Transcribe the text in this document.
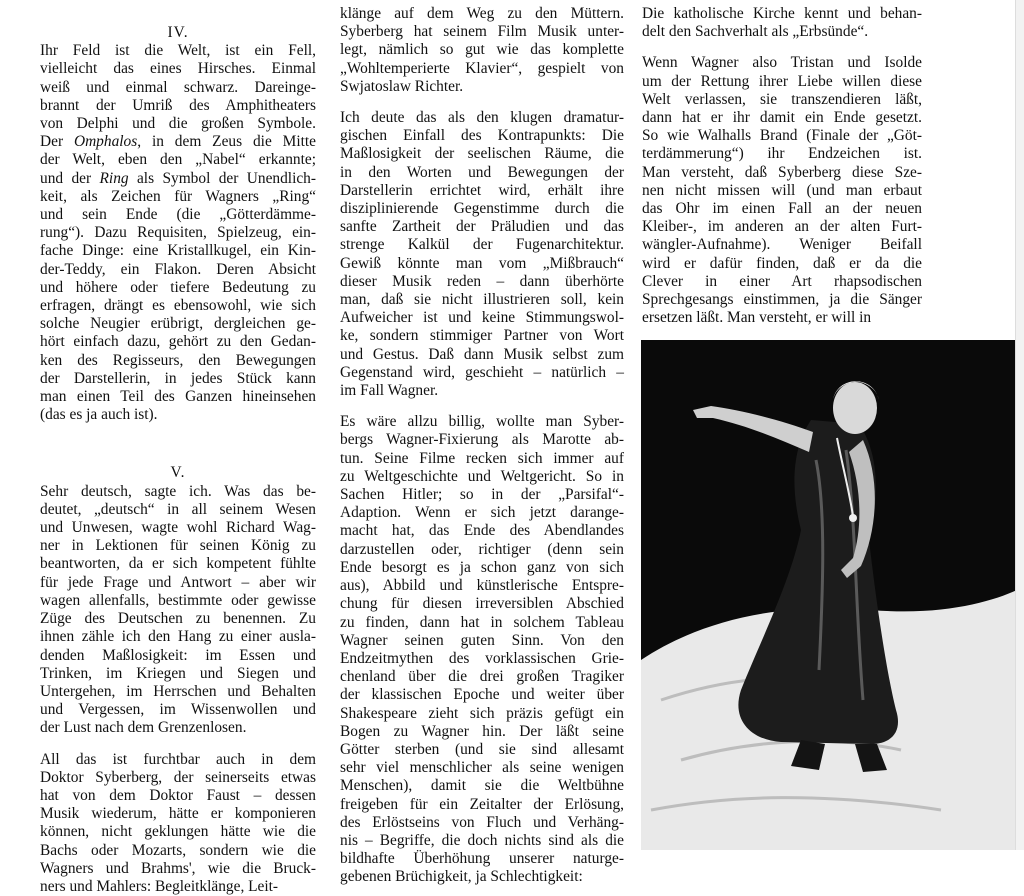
IV.
Ihr Feld ist die Welt, ist ein Fell,
vielleicht das eines Hirsches. Einmal
weiß und einmal schwarz. Dareinge-
brannt der Umriß des Amphitheaters
von Delphi und die großen Symbole.
Der Omphalos, in dem Zeus die Mitte
der Welt, eben den „Nabel“ erkannte;
und der Ring als Symbol der Unendlich-
keit, als Zeichen für Wagners „Ring“
und sein Ende (die „Götterdämme-
rung“). Dazu Requisiten, Spielzeug, ein-
fache Dinge: eine Kristallkugel, ein Kin-
der-Teddy, ein Flakon. Deren Absicht
und höhere oder tiefere Bedeutung zu
erfragen, drängt es ebensowohl, wie sich
solche Neugier erübrigt, dergleichen ge-
hört einfach dazu, gehört zu den Gedan-
ken des Regisseurs, den Bewegungen
der Darstellerin, in jedes Stück kann
man einen Teil des Ganzen hineinsehen
(das es ja auch ist).
V.
Sehr deutsch, sagte ich. Was das be-
deutet, „deutsch“ in all seinem Wesen
und Unwesen, wagte wohl Richard Wag-
ner in Lektionen für seinen König zu
beantworten, da er sich kompetent fühlte
für jede Frage und Antwort – aber wir
wagen allenfalls, bestimmte oder gewisse
Züge des Deutschen zu benennen. Zu
ihnen zähle ich den Hang zu einer ausla-
denden Maßlosigkeit: im Essen und
Trinken, im Kriegen und Siegen und
Untergehen, im Herrschen und Behalten
und Vergessen, im Wissenwollen und
der Lust nach dem Grenzenlosen.
All das ist furchtbar auch in dem
Doktor Syberberg, der seinerseits etwas
hat von dem Doktor Faust – dessen
Musik wiederum, hätte er komponieren
können, nicht geklungen hätte wie die
Bachs oder Mozarts, sondern wie die
Wagners und Brahms', wie die Bruck-
ners und Mahlers: Begleitklänge, Leit-
klänge auf dem Weg zu den Müttern.
Syberberg hat seinem Film Musik unter-
legt, nämlich so gut wie das komplette
„Wohltemperierte Klavier“, gespielt von
Swjatoslaw Richter.
Ich deute das als den klugen dramatur-
gischen Einfall des Kontrapunkts: Die
Maßlosigkeit der seelischen Räume, die
in den Worten und Bewegungen der
Darstellerin errichtet wird, erhält ihre
disziplinierende Gegenstimme durch die
sanfte Zartheit der Präludien und das
strenge Kalkül der Fugenarchitektur.
Gewiß könnte man vom „Mißbrauch“
dieser Musik reden – dann überhörte
man, daß sie nicht illustrieren soll, kein
Aufweicher ist und keine Stimmungswol-
ke, sondern stimmiger Partner von Wort
und Gestus. Daß dann Musik selbst zum
Gegenstand wird, geschieht – natürlich –
im Fall Wagner.
Es wäre allzu billig, wollte man Syber-
bergs Wagner-Fixierung als Marotte ab-
tun. Seine Filme recken sich immer auf
zu Weltgeschichte und Weltgericht. So in
Sachen Hitler; so in der „Parsifal“-
Adaption. Wenn er sich jetzt darange-
macht hat, das Ende des Abendlandes
darzustellen oder, richtiger (denn sein
Ende besorgt es ja schon ganz von sich
aus), Abbild und künstlerische Entspre-
chung für diesen irreversiblen Abschied
zu finden, dann hat in solchem Tableau
Wagner seinen guten Sinn. Von den
Endzeitmythen des vorklassischen Grie-
chenland über die drei großen Tragiker
der klassischen Epoche und weiter über
Shakespeare zieht sich präzis gefügt ein
Bogen zu Wagner hin. Der läßt seine
Götter sterben (und sie sind allesamt
sehr viel menschlicher als seine wenigen
Menschen), damit sie die Weltbühne
freigeben für ein Zeitalter der Erlösung,
des Erlöstseins von Fluch und Verhäng-
nis – Begriffe, die doch nichts sind als die
bildhafte Überhöhung unserer naturge-
gebenen Brüchigkeit, ja Schlechtigkeit:
Die katholische Kirche kennt und behan-
delt den Sachverhalt als „Erbsünde“.
Wenn Wagner also Tristan und Isolde
um der Rettung ihrer Liebe willen diese
Welt verlassen, sie transzendieren läßt,
dann hat er ihr damit ein Ende gesetzt.
So wie Walhalls Brand (Finale der „Göt-
terdämmerung“) ihr Endzeichen ist.
Man versteht, daß Syberberg diese Sze-
nen nicht missen will (und man erbaut
das Ohr im einen Fall an der neuen
Kleiber-, im anderen an der alten Furt-
wängler-Aufnahme). Weniger Beifall
wird er dafür finden, daß er da die
Clever in einer Art rhapsodischen
Sprechgesangs einstimmen, ja die Sänger
ersetzen läßt. Man versteht, er will in
